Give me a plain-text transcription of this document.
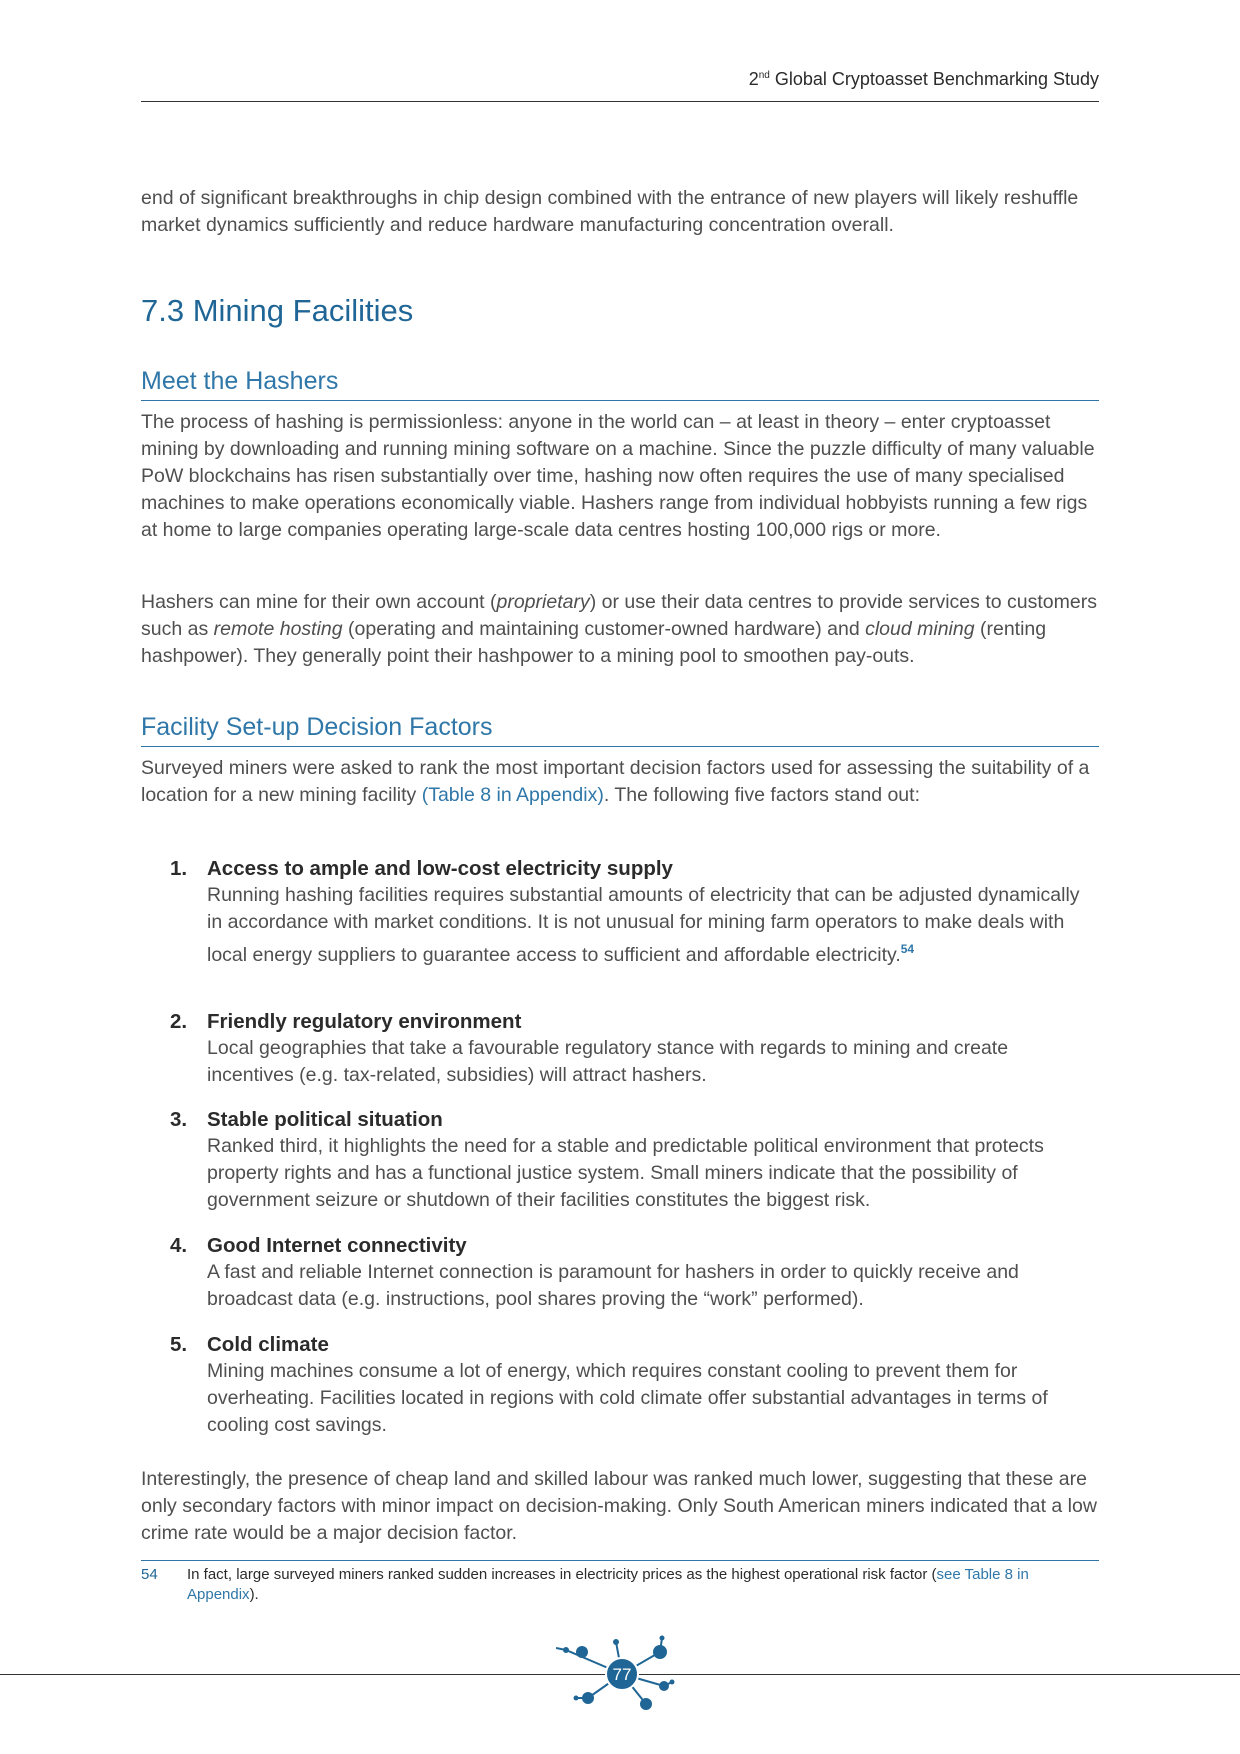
2nd Global Cryptoasset Benchmarking Study

end of significant breakthroughs in chip design combined with the entrance of new players will likely reshuffle market dynamics sufficiently and reduce hardware manufacturing concentration overall.

7.3 Mining Facilities
Meet the Hashers

The process of hashing is permissionless: anyone in the world can – at least in theory – enter cryptoasset mining by downloading and running mining software on a machine. Since the puzzle difficulty of many valuable PoW blockchains has risen substantially over time, hashing now often requires the use of many specialised machines to make operations economically viable. Hashers range from individual hobbyists running a few rigs at home to large companies operating large-scale data centres hosting 100,000 rigs or more.

Hashers can mine for their own account (proprietary) or use their data centres to provide services to customers such as remote hosting (operating and maintaining customer-owned hardware) and cloud mining (renting hashpower). They generally point their hashpower to a mining pool to smoothen pay-outs.

Facility Set-up Decision Factors

Surveyed miners were asked to rank the most important decision factors used for assessing the suitability of a location for a new mining facility (Table 8 in Appendix). The following five factors stand out:

1. Access to ample and low-cost electricity supply
Running hashing facilities requires substantial amounts of electricity that can be adjusted dynamically in accordance with market conditions. It is not unusual for mining farm operators to make deals with local energy suppliers to guarantee access to sufficient and affordable electricity.$^{54}$
2. Friendly regulatory environment
Local geographies that take a favourable regulatory stance with regards to mining and create incentives (e.g. tax-related, subsidies) will attract hashers.
3. Stable political situation
Ranked third, it highlights the need for a stable and predictable political environment that protects property rights and has a functional justice system. Small miners indicate that the possibility of government seizure or shutdown of their facilities constitutes the biggest risk.
4. Good Internet connectivity
A fast and reliable Internet connection is paramount for hashers in order to quickly receive and broadcast data (e.g. instructions, pool shares proving the “work” performed).
5. Cold climate
Mining machines consume a lot of energy, which requires constant cooling to prevent them for overheating. Facilities located in regions with cold climate offer substantial advantages in terms of cooling cost savings.

Interestingly, the presence of cheap land and skilled labour was ranked much lower, suggesting that these are only secondary factors with minor impact on decision-making. Only South American miners indicated that a low crime rate would be a major decision factor.

54 In fact, large surveyed miners ranked sudden increases in electricity prices as the highest operational risk factor (see Table 8 in Appendix).
77
